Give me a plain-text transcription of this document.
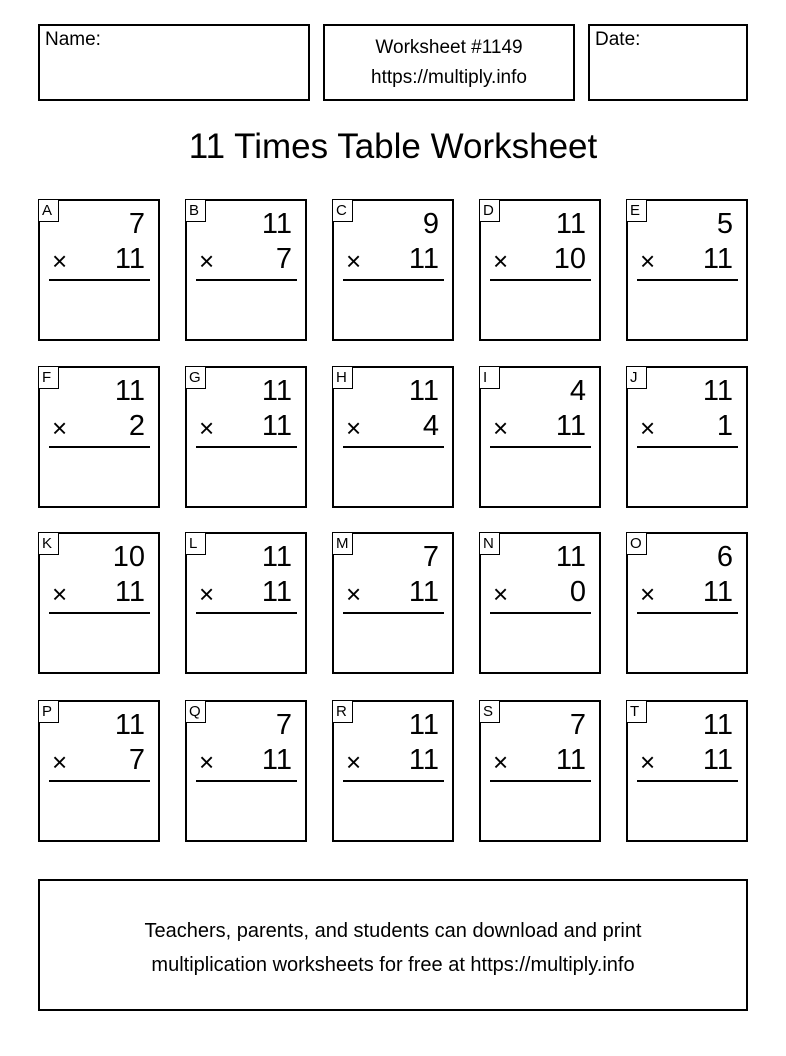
Name:	Worksheet #1149
https://multiply.info
Date:
11 Times Table Worksheet
A	7
× 11
B 11
× 7
C	9
× 11
D 11
× 10
E	5
× 11
F 11
× 2
G 11
× 11
H 11
× 4
I	4
× 11
J	11
× 1
K 10
× 11
L 11
× 11
M	7
× 11
N 11
× 0
O	6
× 11
P 11
× 7
Q	7
× 11
R 11
× 11
S	7
× 11
T 11
× 11
Teachers, parents, and students can download and print
multiplication worksheets for free at https://multiply.info
